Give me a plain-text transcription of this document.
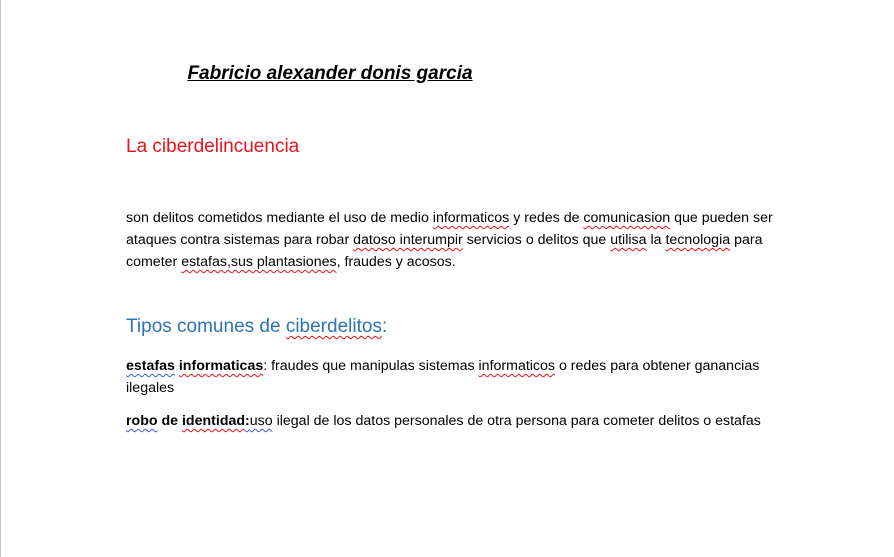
Fabricio alexander donis garcia
La ciberdelincuencia
son delitos cometidos mediante el uso de medio informaticos y redes de comunicasion que pueden ser ataques contra sistemas para robar datoso interumpir servicios o delitos que utilisa la tecnologia para cometer estafas,sus plantasiones, fraudes y acosos.
Tipos comunes de ciberdelitos:
estafas informaticas: fraudes que manipulas sistemas informaticos o redes para obtener ganancias ilegales
robo de identidad:uso ilegal de los datos personales de otra persona para cometer delitos o estafas
